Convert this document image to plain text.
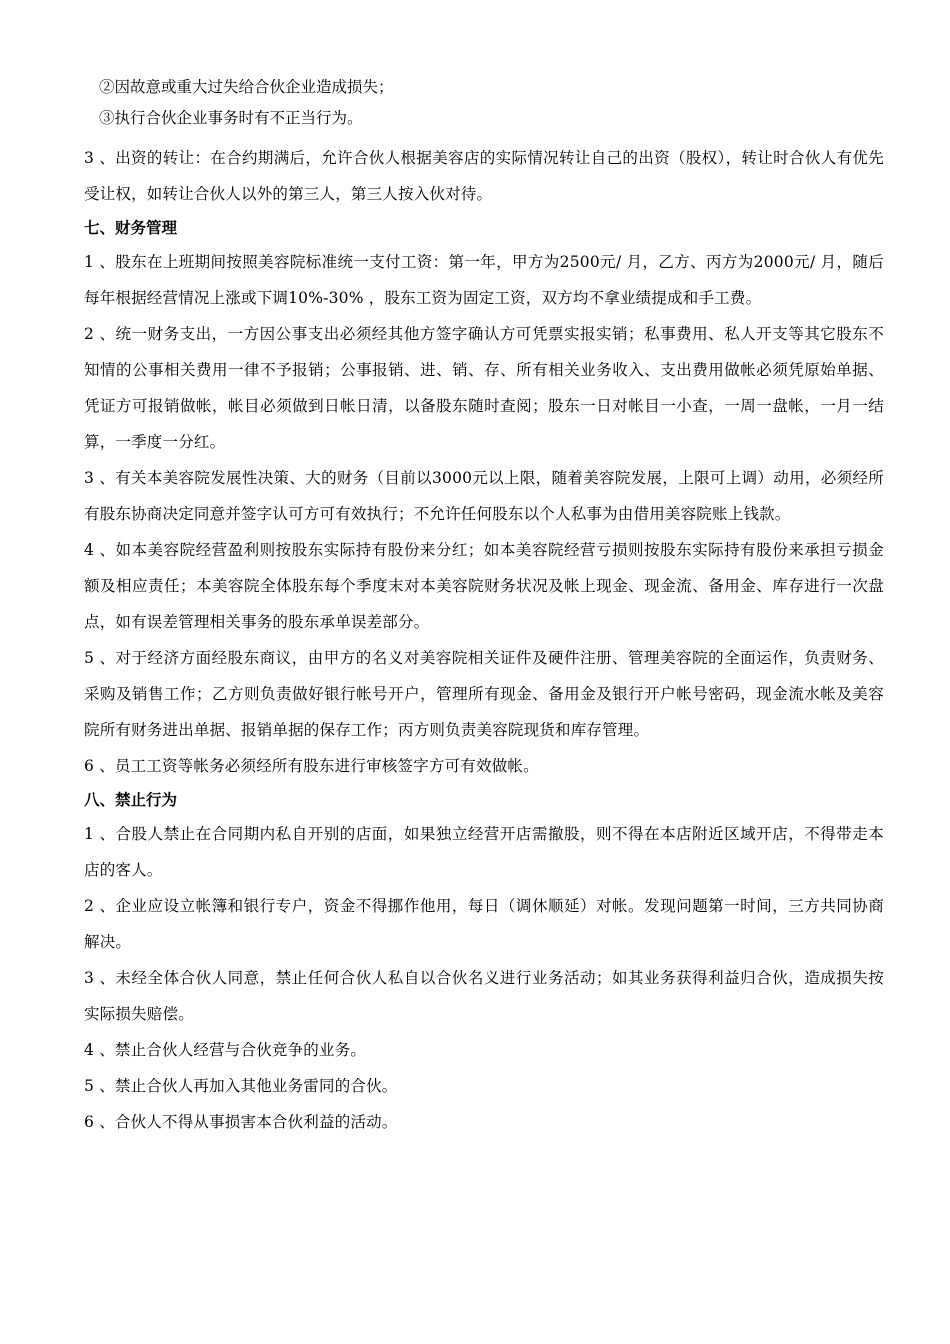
②因故意或重大过失给合伙企业造成损失；

③执行合伙企业事务时有不正当行为。

3 、出资的转让：在合约期满后，允许合伙人根据美容店的实际情况转让自己的出资（股权），转让时合伙人有优先受让权，如转让合伙人以外的第三人，第三人按入伙对待。

七、财务管理

1 、股东在上班期间按照美容院标准统一支付工资：第一年，甲方为2500元/ 月，乙方、丙方为2000元/ 月，随后每年根据经营情况上涨或下调10%-30% ，股东工资为固定工资，双方均不拿业绩提成和手工费。

2 、统一财务支出，一方因公事支出必须经其他方签字确认方可凭票实报实销；私事费用、私人开支等其它股东不知情的公事相关费用一律不予报销；公事报销、进、销、存、所有相关业务收入、支出费用做帐必须凭原始单据、凭证方可报销做帐，帐目必须做到日帐日清，以备股东随时查阅；股东一日对帐目一小查，一周一盘帐，一月一结算，一季度一分红。

3 、有关本美容院发展性决策、大的财务（目前以3000元以上限，随着美容院发展，上限可上调）动用，必须经所有股东协商决定同意并签字认可方可有效执行；不允许任何股东以个人私事为由借用美容院账上钱款。

4 、如本美容院经营盈利则按股东实际持有股份来分红；如本美容院经营亏损则按股东实际持有股份来承担亏损金额及相应责任；本美容院全体股东每个季度末对本美容院财务状况及帐上现金、现金流、备用金、库存进行一次盘点，如有误差管理相关事务的股东承单误差部分。

5 、对于经济方面经股东商议，由甲方的名义对美容院相关证件及硬件注册、管理美容院的全面运作，负责财务、采购及销售工作；乙方则负责做好银行帐号开户，管理所有现金、备用金及银行开户帐号密码，现金流水帐及美容院所有财务进出单据、报销单据的保存工作；丙方则负责美容院现货和库存管理。

6 、员工工资等帐务必须经所有股东进行审核签字方可有效做帐。

八、禁止行为

1 、合股人禁止在合同期内私自开别的店面，如果独立经营开店需撤股，则不得在本店附近区域开店，不得带走本店的客人。

2 、企业应设立帐簿和银行专户，资金不得挪作他用，每日（调休顺延）对帐。发现问题第一时间，三方共同协商解决。

3 、未经全体合伙人同意，禁止任何合伙人私自以合伙名义进行业务活动；如其业务获得利益归合伙，造成损失按实际损失赔偿。

4 、禁止合伙人经营与合伙竞争的业务。

5 、禁止合伙人再加入其他业务雷同的合伙。

6 、合伙人不得从事损害本合伙利益的活动。
